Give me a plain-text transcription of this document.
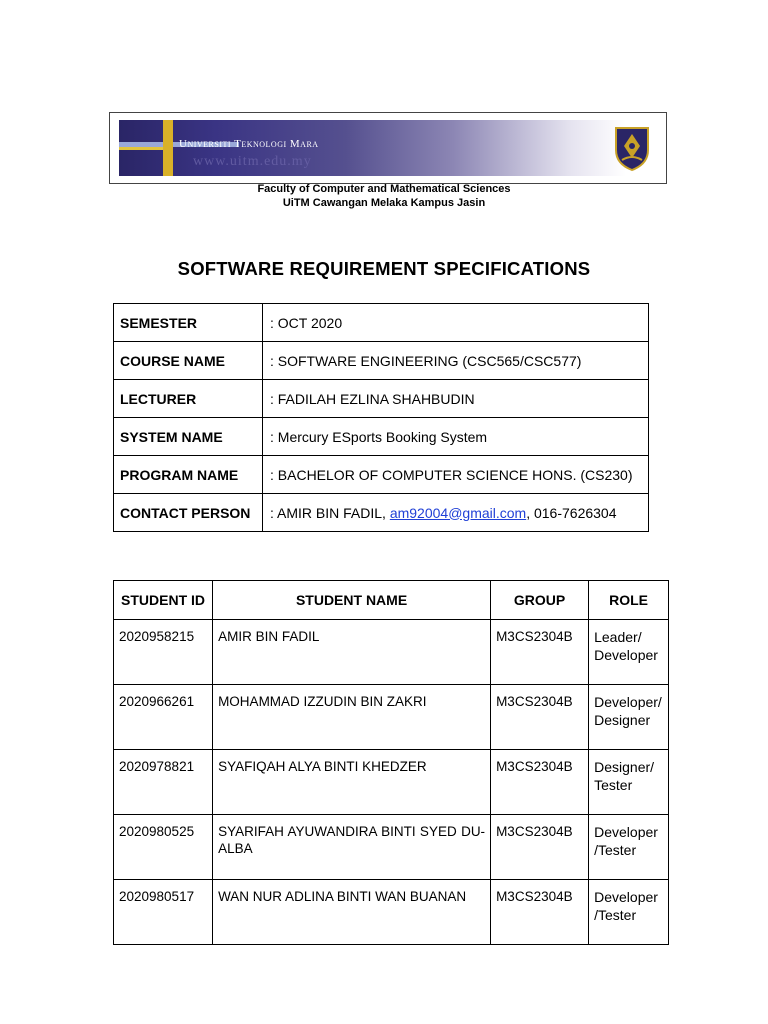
Universiti Teknologi Mara
www.uitm.edu.my
Faculty of Computer and Mathematical Sciences
UiTM Cawangan Melaka Kampus Jasin
SOFTWARE REQUIREMENT SPECIFICATIONS
SEMESTER	: OCT 2020
COURSE NAME	: SOFTWARE ENGINEERING (CSC565/CSC577)
LECTURER	: FADILAH EZLINA SHAHBUDIN
SYSTEM NAME	: Mercury ESports Booking System
PROGRAM NAME	: BACHELOR OF COMPUTER SCIENCE HONS. (CS230)
CONTACT PERSON	: AMIR BIN FADIL, am92004@gmail.com, 016-7626304
STUDENT ID	STUDENT NAME	GROUP	ROLE
2020958215	AMIR BIN FADIL	M3CS2304B	Leader/ Developer
2020966261	MOHAMMAD IZZUDIN BIN ZAKRI	M3CS2304B	Developer/ Designer
2020978821	SYAFIQAH ALYA BINTI KHEDZER	M3CS2304B	Designer/ Tester
2020980525	SYARIFAH AYUWANDIRA BINTI SYED DU-ALBA	M3CS2304B	Developer /Tester
2020980517	WAN NUR ADLINA BINTI WAN BUANAN	M3CS2304B	Developer /Tester
